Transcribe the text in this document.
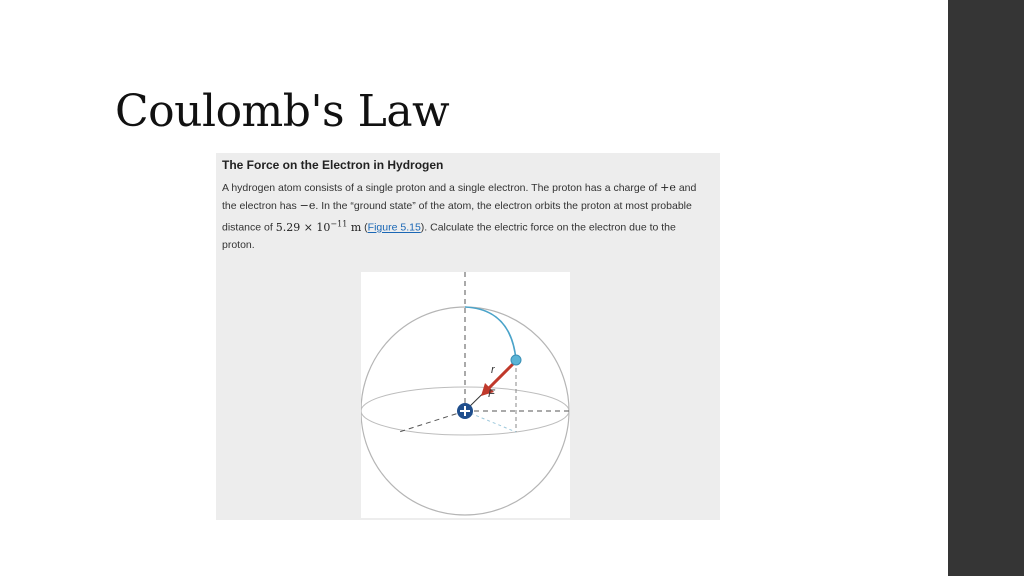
Coulomb's Law
The Force on the Electron in Hydrogen

A hydrogen atom consists of a single proton and a single electron. The proton has a charge of +e and the electron has −e. In the “ground state” of the atom, the electron orbits the proton at most probable distance of $5.29 \times 10^{-11}$ m (Figure 5.15). Calculate the electric force on the electron due to the proton.

r
F
